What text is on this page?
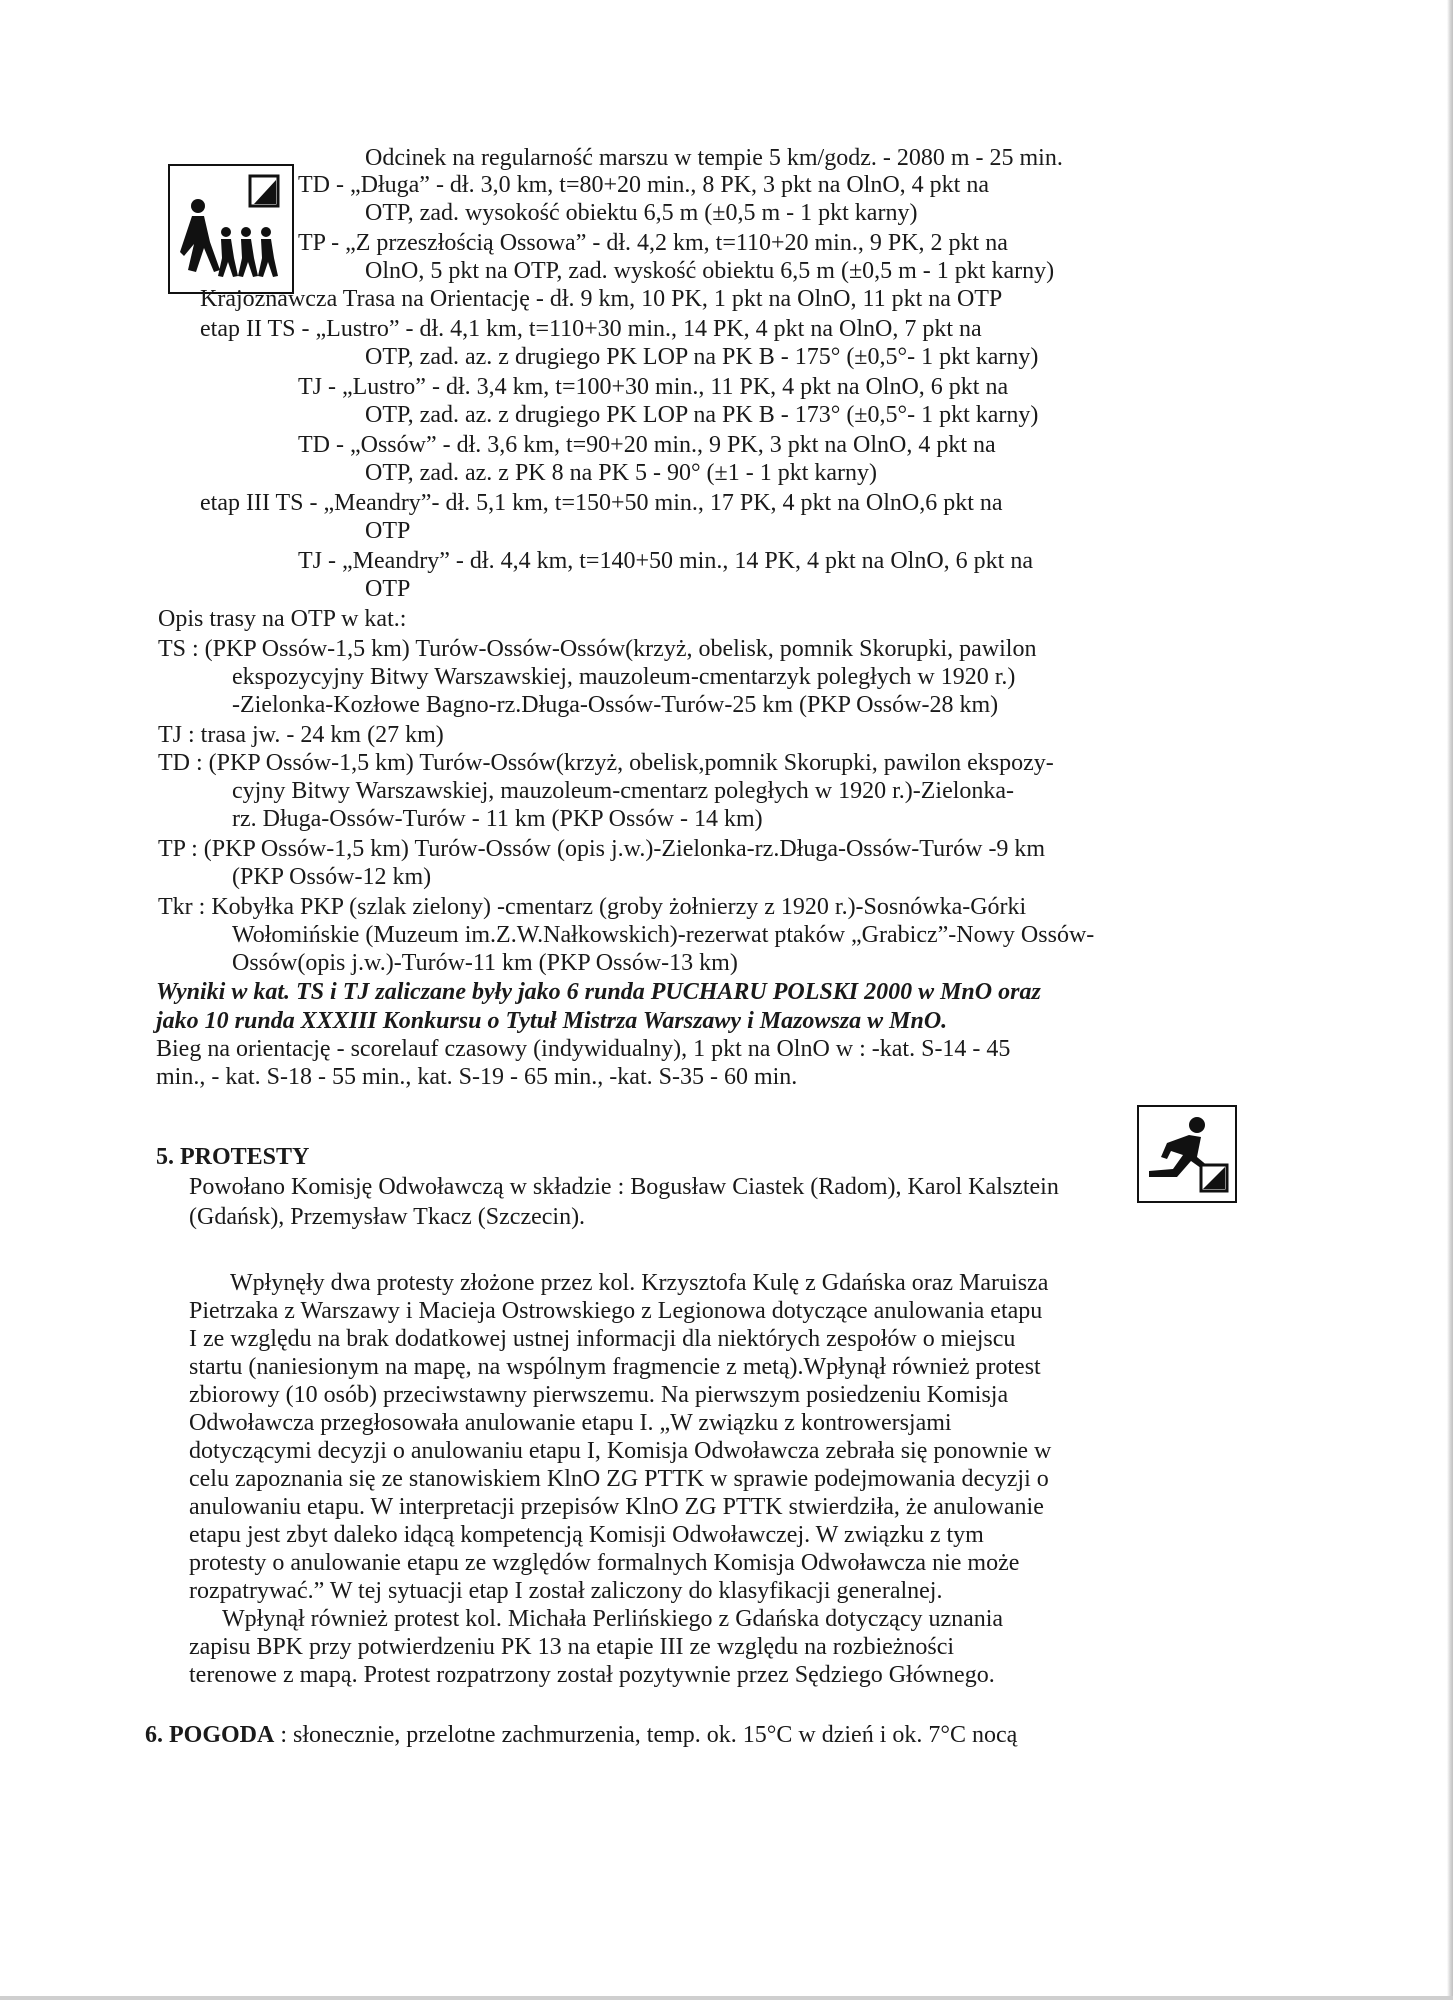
Odcinek na regularność marszu w tempie 5 km/godz. - 2080 m - 25 min.
TD - „Długa” - dł. 3,0 km, t=80+20 min., 8 PK, 3 pkt na OlnO, 4 pkt na
OTP, zad. wysokość obiektu 6,5 m (±0,5 m - 1 pkt karny)
TP - „Z przeszłością Ossowa” - dł. 4,2 km, t=110+20 min., 9 PK, 2 pkt na
OlnO, 5 pkt na OTP, zad. wyskość obiektu 6,5 m (±0,5 m - 1 pkt karny)
Krajoznawcza Trasa na Orientację - dł. 9 km, 10 PK, 1 pkt na OlnO, 11 pkt na OTP
etap II TS - „Lustro” - dł. 4,1 km, t=110+30 min., 14 PK, 4 pkt na OlnO, 7 pkt na
OTP, zad. az. z drugiego PK LOP na PK B - 175° (±0,5°- 1 pkt karny)
TJ - „Lustro” - dł. 3,4 km, t=100+30 min., 11 PK, 4 pkt na OlnO, 6 pkt na
OTP, zad. az. z drugiego PK LOP na PK B - 173° (±0,5°- 1 pkt karny)
TD - „Ossów” - dł. 3,6 km, t=90+20 min., 9 PK, 3 pkt na OlnO, 4 pkt na
OTP, zad. az. z PK 8 na PK 5 - 90° (±1 - 1 pkt karny)
etap III TS - „Meandry”- dł. 5,1 km, t=150+50 min., 17 PK, 4 pkt na OlnO,6 pkt na
OTP
TJ - „Meandry” - dł. 4,4 km, t=140+50 min., 14 PK, 4 pkt na OlnO, 6 pkt na
OTP
Opis trasy na OTP w kat.:
TS : (PKP Ossów-1,5 km) Turów-Ossów-Ossów(krzyż, obelisk, pomnik Skorupki, pawilon
ekspozycyjny Bitwy Warszawskiej, mauzoleum-cmentarzyk poległych w 1920 r.)
-Zielonka-Kozłowe Bagno-rz.Długa-Ossów-Turów-25 km (PKP Ossów-28 km)
TJ : trasa jw. - 24 km (27 km)
TD : (PKP Ossów-1,5 km) Turów-Ossów(krzyż, obelisk,pomnik Skorupki, pawilon ekspozy-
cyjny Bitwy Warszawskiej, mauzoleum-cmentarz poległych w 1920 r.)-Zielonka-
rz. Długa-Ossów-Turów - 11 km (PKP Ossów - 14 km)
TP : (PKP Ossów-1,5 km) Turów-Ossów (opis j.w.)-Zielonka-rz.Długa-Ossów-Turów -9 km
(PKP Ossów-12 km)
Tkr : Kobyłka PKP (szlak zielony) -cmentarz (groby żołnierzy z 1920 r.)-Sosnówka-Górki
Wołomińskie (Muzeum im.Z.W.Nałkowskich)-rezerwat ptaków „Grabicz”-Nowy Ossów-
Ossów(opis j.w.)-Turów-11 km (PKP Ossów-13 km)
Wyniki w kat. TS i TJ zaliczane były jako 6 runda PUCHARU POLSKI 2000 w MnO oraz
jako 10 runda XXXIII Konkursu o Tytuł Mistrza Warszawy i Mazowsza w MnO.
Bieg na orientację - scorelauf czasowy (indywidualny), 1 pkt na OlnO w : -kat. S-14 - 45
min., - kat. S-18 - 55 min., kat. S-19 - 65 min., -kat. S-35 - 60 min.
5. PROTESTY
Powołano Komisję Odwoławczą w składzie : Bogusław Ciastek (Radom), Karol Kalsztein
(Gdańsk), Przemysław Tkacz (Szczecin).
Wpłynęły dwa protesty złożone przez kol. Krzysztofa Kulę z Gdańska oraz Maruisza
Pietrzaka z Warszawy i Macieja Ostrowskiego z Legionowa dotyczące anulowania etapu
I ze względu na brak dodatkowej ustnej informacji dla niektórych zespołów o miejscu
startu (naniesionym na mapę, na wspólnym fragmencie z metą).Wpłynął również protest
zbiorowy (10 osób) przeciwstawny pierwszemu. Na pierwszym posiedzeniu Komisja
Odwoławcza przegłosowała anulowanie etapu I. „W związku z kontrowersjami
dotyczącymi decyzji o anulowaniu etapu I, Komisja Odwoławcza zebrała się ponownie w
celu zapoznania się ze stanowiskiem KlnO ZG PTTK w sprawie podejmowania decyzji o
anulowaniu etapu. W interpretacji przepisów KlnO ZG PTTK stwierdziła, że anulowanie
etapu jest zbyt daleko idącą kompetencją Komisji Odwoławczej. W związku z tym
protesty o anulowanie etapu ze względów formalnych Komisja Odwoławcza nie może
rozpatrywać.” W tej sytuacji etap I został zaliczony do klasyfikacji generalnej.
Wpłynął również protest kol. Michała Perlińskiego z Gdańska dotyczący uznania
zapisu BPK przy potwierdzeniu PK 13 na etapie III ze względu na rozbieżności
terenowe z mapą. Protest rozpatrzony został pozytywnie przez Sędziego Głównego.
6. POGODA : słonecznie, przelotne zachmurzenia, temp. ok. 15°C w dzień i ok. 7°C nocą
